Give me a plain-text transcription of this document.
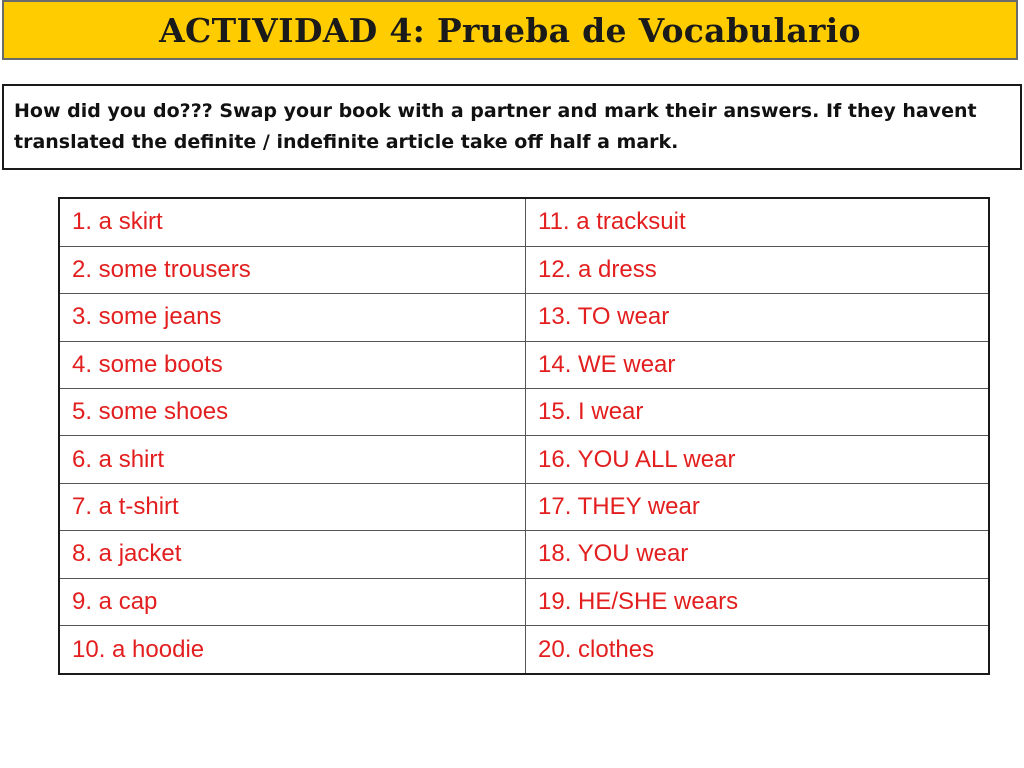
ACTIVIDAD 4: Prueba de Vocabulario
How did you do??? Swap your book with a partner and mark their answers. If they havent translated the definite / indefinite article take off half a mark.
1. a skirt	11. a tracksuit
2. some trousers	12. a dress
3. some jeans	13. TO wear
4. some boots	14. WE wear
5. some shoes	15. I wear
6. a shirt	16. YOU ALL wear
7. a t-shirt	17. THEY wear
8. a jacket	18. YOU wear
9. a cap	19. HE/SHE wears
10. a hoodie	20. clothes
